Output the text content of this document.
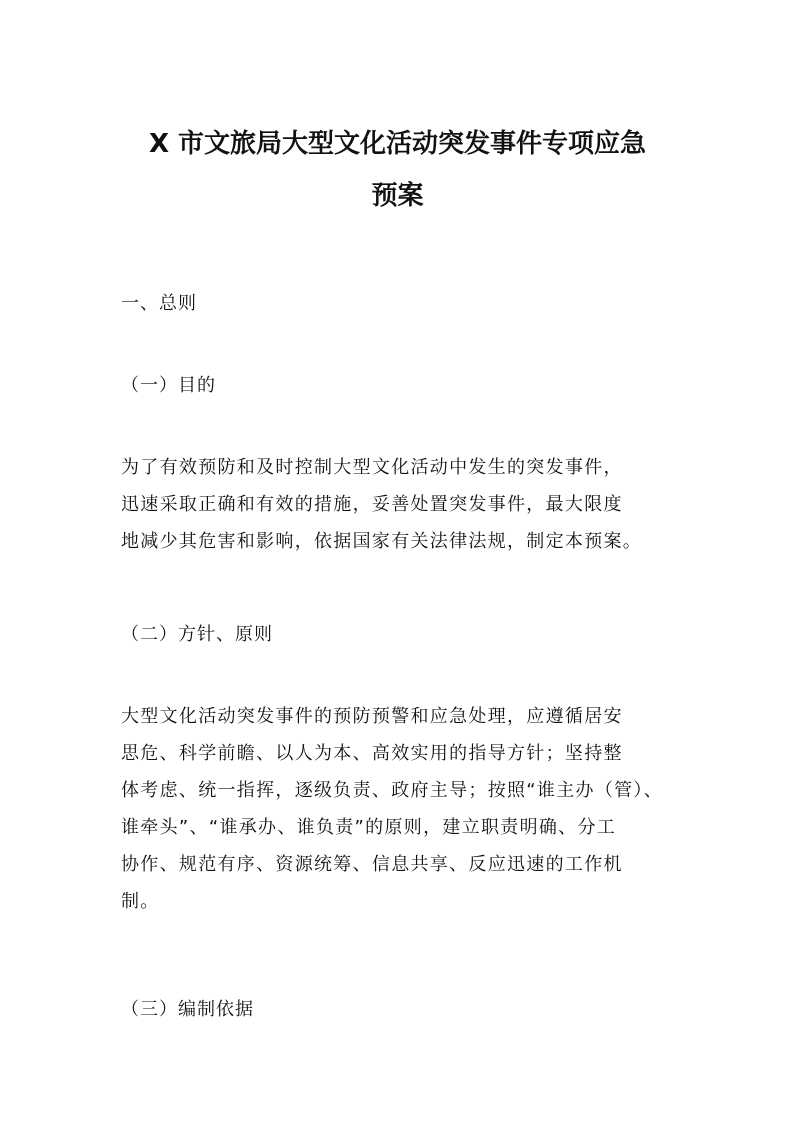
X 市文旅局大型文化活动突发事件专项应急
预案

一、总则

（一）目的

为了有效预防和及时控制大型文化活动中发生的突发事件，
迅速采取正确和有效的措施，妥善处置突发事件，最大限度
地减少其危害和影响，依据国家有关法律法规，制定本预案。

（二）方针、原则

大型文化活动突发事件的预防预警和应急处理，应遵循居安
思危、科学前瞻、以人为本、高效实用的指导方针；坚持整
体考虑、统一指挥，逐级负责、政府主导；按照“谁主办（管）、
谁牵头”、“谁承办、谁负责”的原则，建立职责明确、分工
协作、规范有序、资源统筹、信息共享、反应迅速的工作机
制。

（三）编制依据
